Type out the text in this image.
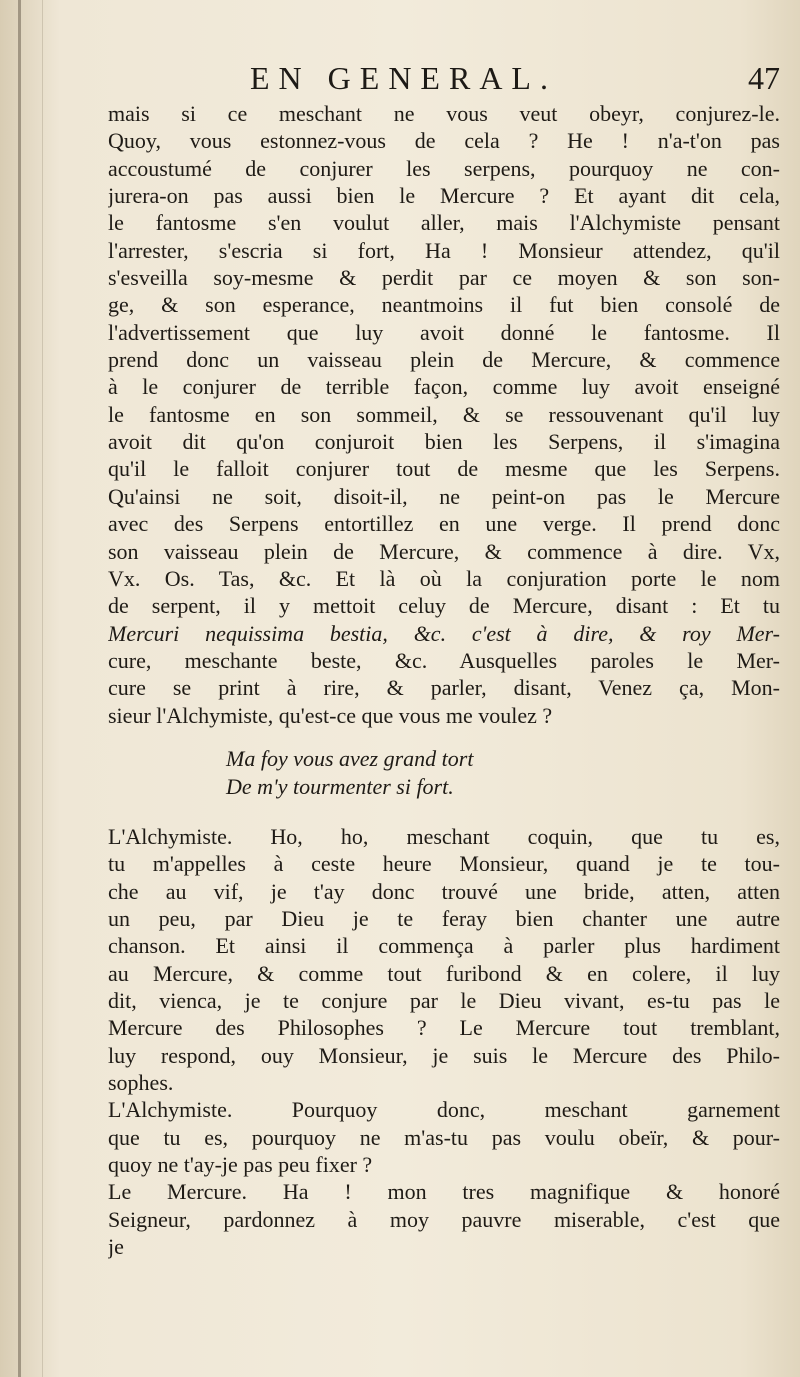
EN GENERAL.	47
mais si ce meschant ne vous veut obeyr, conjurez-le.
Quoy, vous estonnez-vous de cela ? He ! n'a-t'on pas
accoustumé de conjurer les serpens, pourquoy ne con-
jurera-on pas aussi bien le Mercure ? Et ayant dit cela,
le fantosme s'en voulut aller, mais l'Alchymiste pensant
l'arrester, s'escria si fort, Ha ! Monsieur attendez, qu'il
s'esveilla soy-mesme & perdit par ce moyen & son son-
ge, & son esperance, neantmoins il fut bien consolé de
l'advertissement que luy avoit donné le fantosme. Il
prend donc un vaisseau plein de Mercure, & commence
à le conjurer de terrible façon, comme luy avoit enseigné
le fantosme en son sommeil, & se ressouvenant qu'il luy
avoit dit qu'on conjuroit bien les Serpens, il s'imagina
qu'il le falloit conjurer tout de mesme que les Serpens.
Qu'ainsi ne soit, disoit-il, ne peint-on pas le Mercure
avec des Serpens entortillez en une verge. Il prend donc
son vaisseau plein de Mercure, & commence à dire. Vx,
Vx. Os. Tas, &c. Et là où la conjuration porte le nom
de serpent, il y mettoit celuy de Mercure, disant : Et tu
Mercuri nequissima bestia, &c. c'est à dire, & roy Mer-
cure, meschante beste, &c. Ausquelles paroles le Mer-
cure se print à rire, & parler, disant, Venez ça, Mon-
sieur l'Alchymiste, qu'est-ce que vous me voulez ?
Ma foy vous avez grand tort
De m'y tourmenter si fort.
L'Alchymiste. Ho, ho, meschant coquin, que tu es,
tu m'appelles à ceste heure Monsieur, quand je te tou-
che au vif, je t'ay donc trouvé une bride, atten, atten
un peu, par Dieu je te feray bien chanter une autre
chanson. Et ainsi il commença à parler plus hardiment
au Mercure, & comme tout furibond & en colere, il luy
dit, vienca, je te conjure par le Dieu vivant, es-tu pas le
Mercure des Philosophes ? Le Mercure tout tremblant,
luy respond, ouy Monsieur, je suis le Mercure des Philo-
sophes.
L'Alchymiste. Pourquoy donc, meschant garnement
que tu es, pourquoy ne m'as-tu pas voulu obeïr, & pour-
quoy ne t'ay-je pas peu fixer ?
Le Mercure. Ha ! mon tres magnifique & honoré
Seigneur, pardonnez à moy pauvre miserable, c'est que
je
